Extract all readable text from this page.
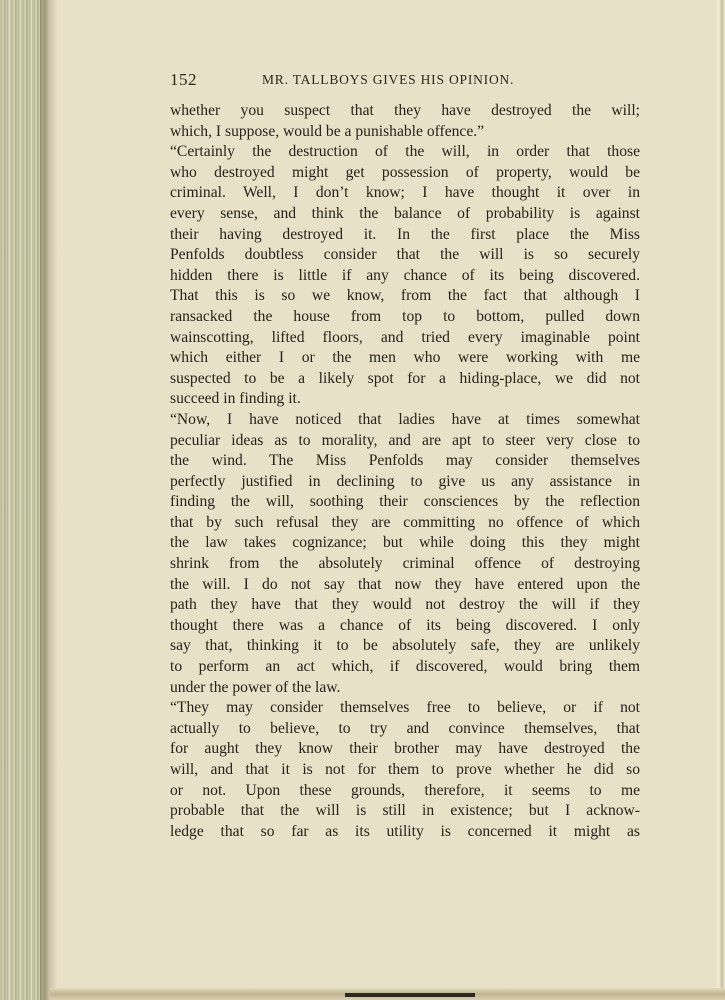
152	MR. TALLBOYS GIVES HIS OPINION.
whether you suspect that they have destroyed the will;
which, I suppose, would be a punishable offence.”
“Certainly the destruction of the will, in order that those
who destroyed might get possession of property, would be
criminal. Well, I don’t know; I have thought it over in
every sense, and think the balance of probability is against
their having destroyed it. In the first place the Miss
Penfolds doubtless consider that the will is so securely
hidden there is little if any chance of its being discovered.
That this is so we know, from the fact that although I
ransacked the house from top to bottom, pulled down
wainscotting, lifted floors, and tried every imaginable point
which either I or the men who were working with me
suspected to be a likely spot for a hiding-place, we did not
succeed in finding it.
“Now, I have noticed that ladies have at times somewhat
peculiar ideas as to morality, and are apt to steer very close to
the wind. The Miss Penfolds may consider themselves
perfectly justified in declining to give us any assistance in
finding the will, soothing their consciences by the reflection
that by such refusal they are committing no offence of which
the law takes cognizance; but while doing this they might
shrink from the absolutely criminal offence of destroying
the will. I do not say that now they have entered upon the
path they have that they would not destroy the will if they
thought there was a chance of its being discovered. I only
say that, thinking it to be absolutely safe, they are unlikely
to perform an act which, if discovered, would bring them
under the power of the law.
“They may consider themselves free to believe, or if not
actually to believe, to try and convince themselves, that
for aught they know their brother may have destroyed the
will, and that it is not for them to prove whether he did so
or not. Upon these grounds, therefore, it seems to me
probable that the will is still in existence; but I acknow-
ledge that so far as its utility is concerned it might as
